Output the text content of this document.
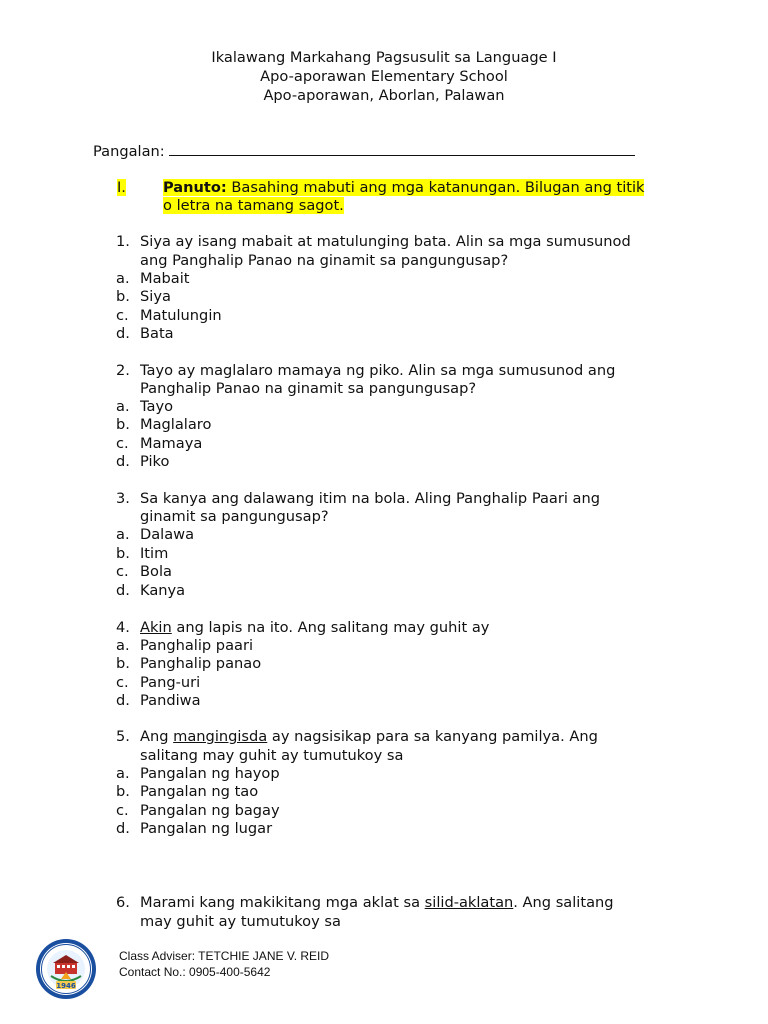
Ikalawang Markahang Pagsusulit sa Language I
Apo-aporawan Elementary School
Apo-aporawan, Aborlan, Palawan
Pangalan:
I.	Panuto: Basahing mabuti ang mga katanungan. Bilugan ang titik
o letra na tamang sagot.
1. Siya ay isang mabait at matulunging bata. Alin sa mga sumusunod
ang Panghalip Panao na ginamit sa pangungusap?
a. Mabait
b. Siya
c. Matulungin
d. Bata
2. Tayo ay maglalaro mamaya ng piko. Alin sa mga sumusunod ang
Panghalip Panao na ginamit sa pangungusap?
a. Tayo
b. Maglalaro
c. Mamaya
d. Piko
3. Sa kanya ang dalawang itim na bola. Aling Panghalip Paari ang
ginamit sa pangungusap?
a. Dalawa
b. Itim
c. Bola
d. Kanya
4. Akin ang lapis na ito. Ang salitang may guhit ay
a. Panghalip paari
b. Panghalip panao
c. Pang-uri
d. Pandiwa
5. Ang mangingisda ay nagsisikap para sa kanyang pamilya. Ang
salitang may guhit ay tumutukoy sa
a. Pangalan ng hayop
b. Pangalan ng tao
c. Pangalan ng bagay
d. Pangalan ng lugar
6. Marami kang makikitang mga aklat sa silid-aklatan. Ang salitang
may guhit ay tumutukoy sa
1946
Class Adviser: TETCHIE JANE V. REID
Contact No.: 0905-400-5642
